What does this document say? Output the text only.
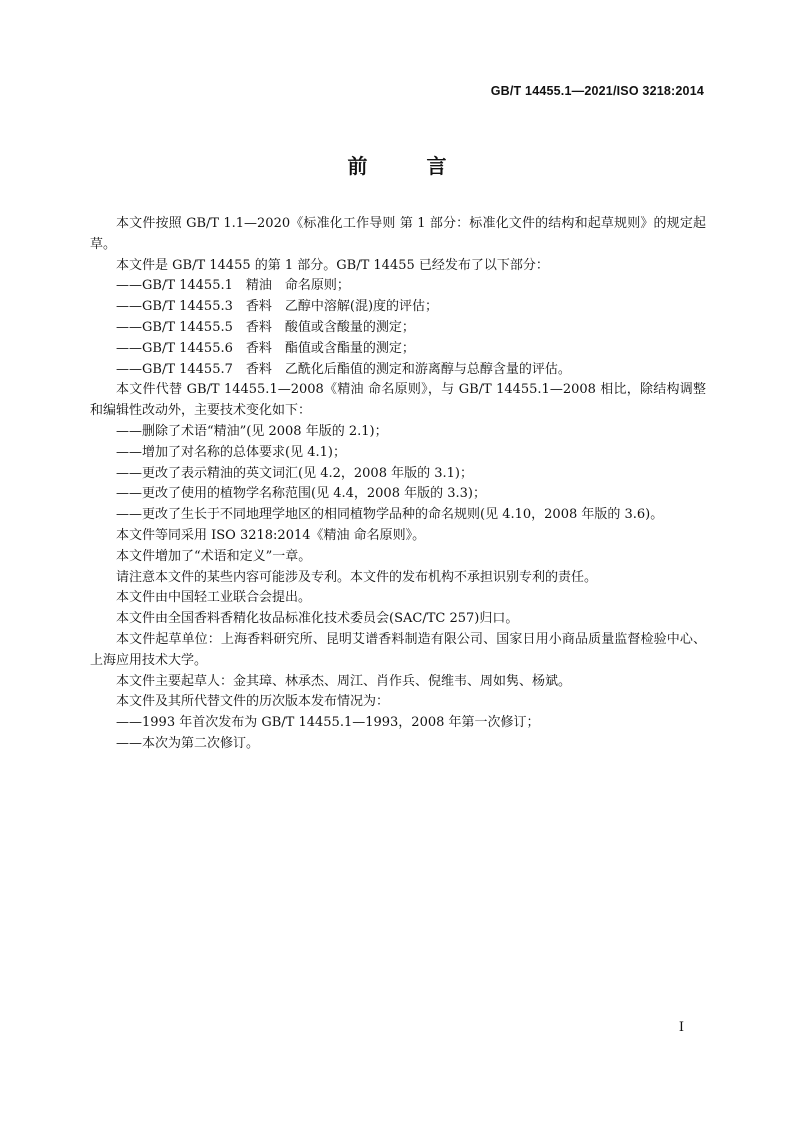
GB/T 14455.1—2021/ISO 3218:2014
前 言

本文件按照 GB/T 1.1—2020《标准化工作导则 第 1 部分：标准化文件的结构和起草规则》的规定起草。

本文件是 GB/T 14455 的第 1 部分。GB/T 14455 已经发布了以下部分：

——GB/T 14455.1　精油　命名原则；

——GB/T 14455.3　香料　乙醇中溶解(混)度的评估；

——GB/T 14455.5　香料　酸值或含酸量的测定；

——GB/T 14455.6　香料　酯值或含酯量的测定；

——GB/T 14455.7　香料　乙酰化后酯值的测定和游离醇与总醇含量的评估。

本文件代替 GB/T 14455.1—2008《精油 命名原则》，与 GB/T 14455.1—2008 相比，除结构调整和编辑性改动外，主要技术变化如下：

——删除了术语“精油”(见 2008 年版的 2.1)；

——增加了对名称的总体要求(见 4.1)；

——更改了表示精油的英文词汇(见 4.2，2008 年版的 3.1)；

——更改了使用的植物学名称范围(见 4.4，2008 年版的 3.3)；

——更改了生长于不同地理学地区的相同植物学品种的命名规则(见 4.10，2008 年版的 3.6)。

本文件等同采用 ISO 3218:2014《精油 命名原则》。

本文件增加了“术语和定义”一章。

请注意本文件的某些内容可能涉及专利。本文件的发布机构不承担识别专利的责任。

本文件由中国轻工业联合会提出。

本文件由全国香料香精化妆品标准化技术委员会(SAC/TC 257)归口。

本文件起草单位：上海香料研究所、昆明艾谱香料制造有限公司、国家日用小商品质量监督检验中心、上海应用技术大学。

本文件主要起草人：金其璋、林承杰、周江、肖作兵、倪维韦、周如隽、杨斌。

本文件及其所代替文件的历次版本发布情况为：

——1993 年首次发布为 GB/T 14455.1—1993，2008 年第一次修订；

——本次为第二次修订。

I
